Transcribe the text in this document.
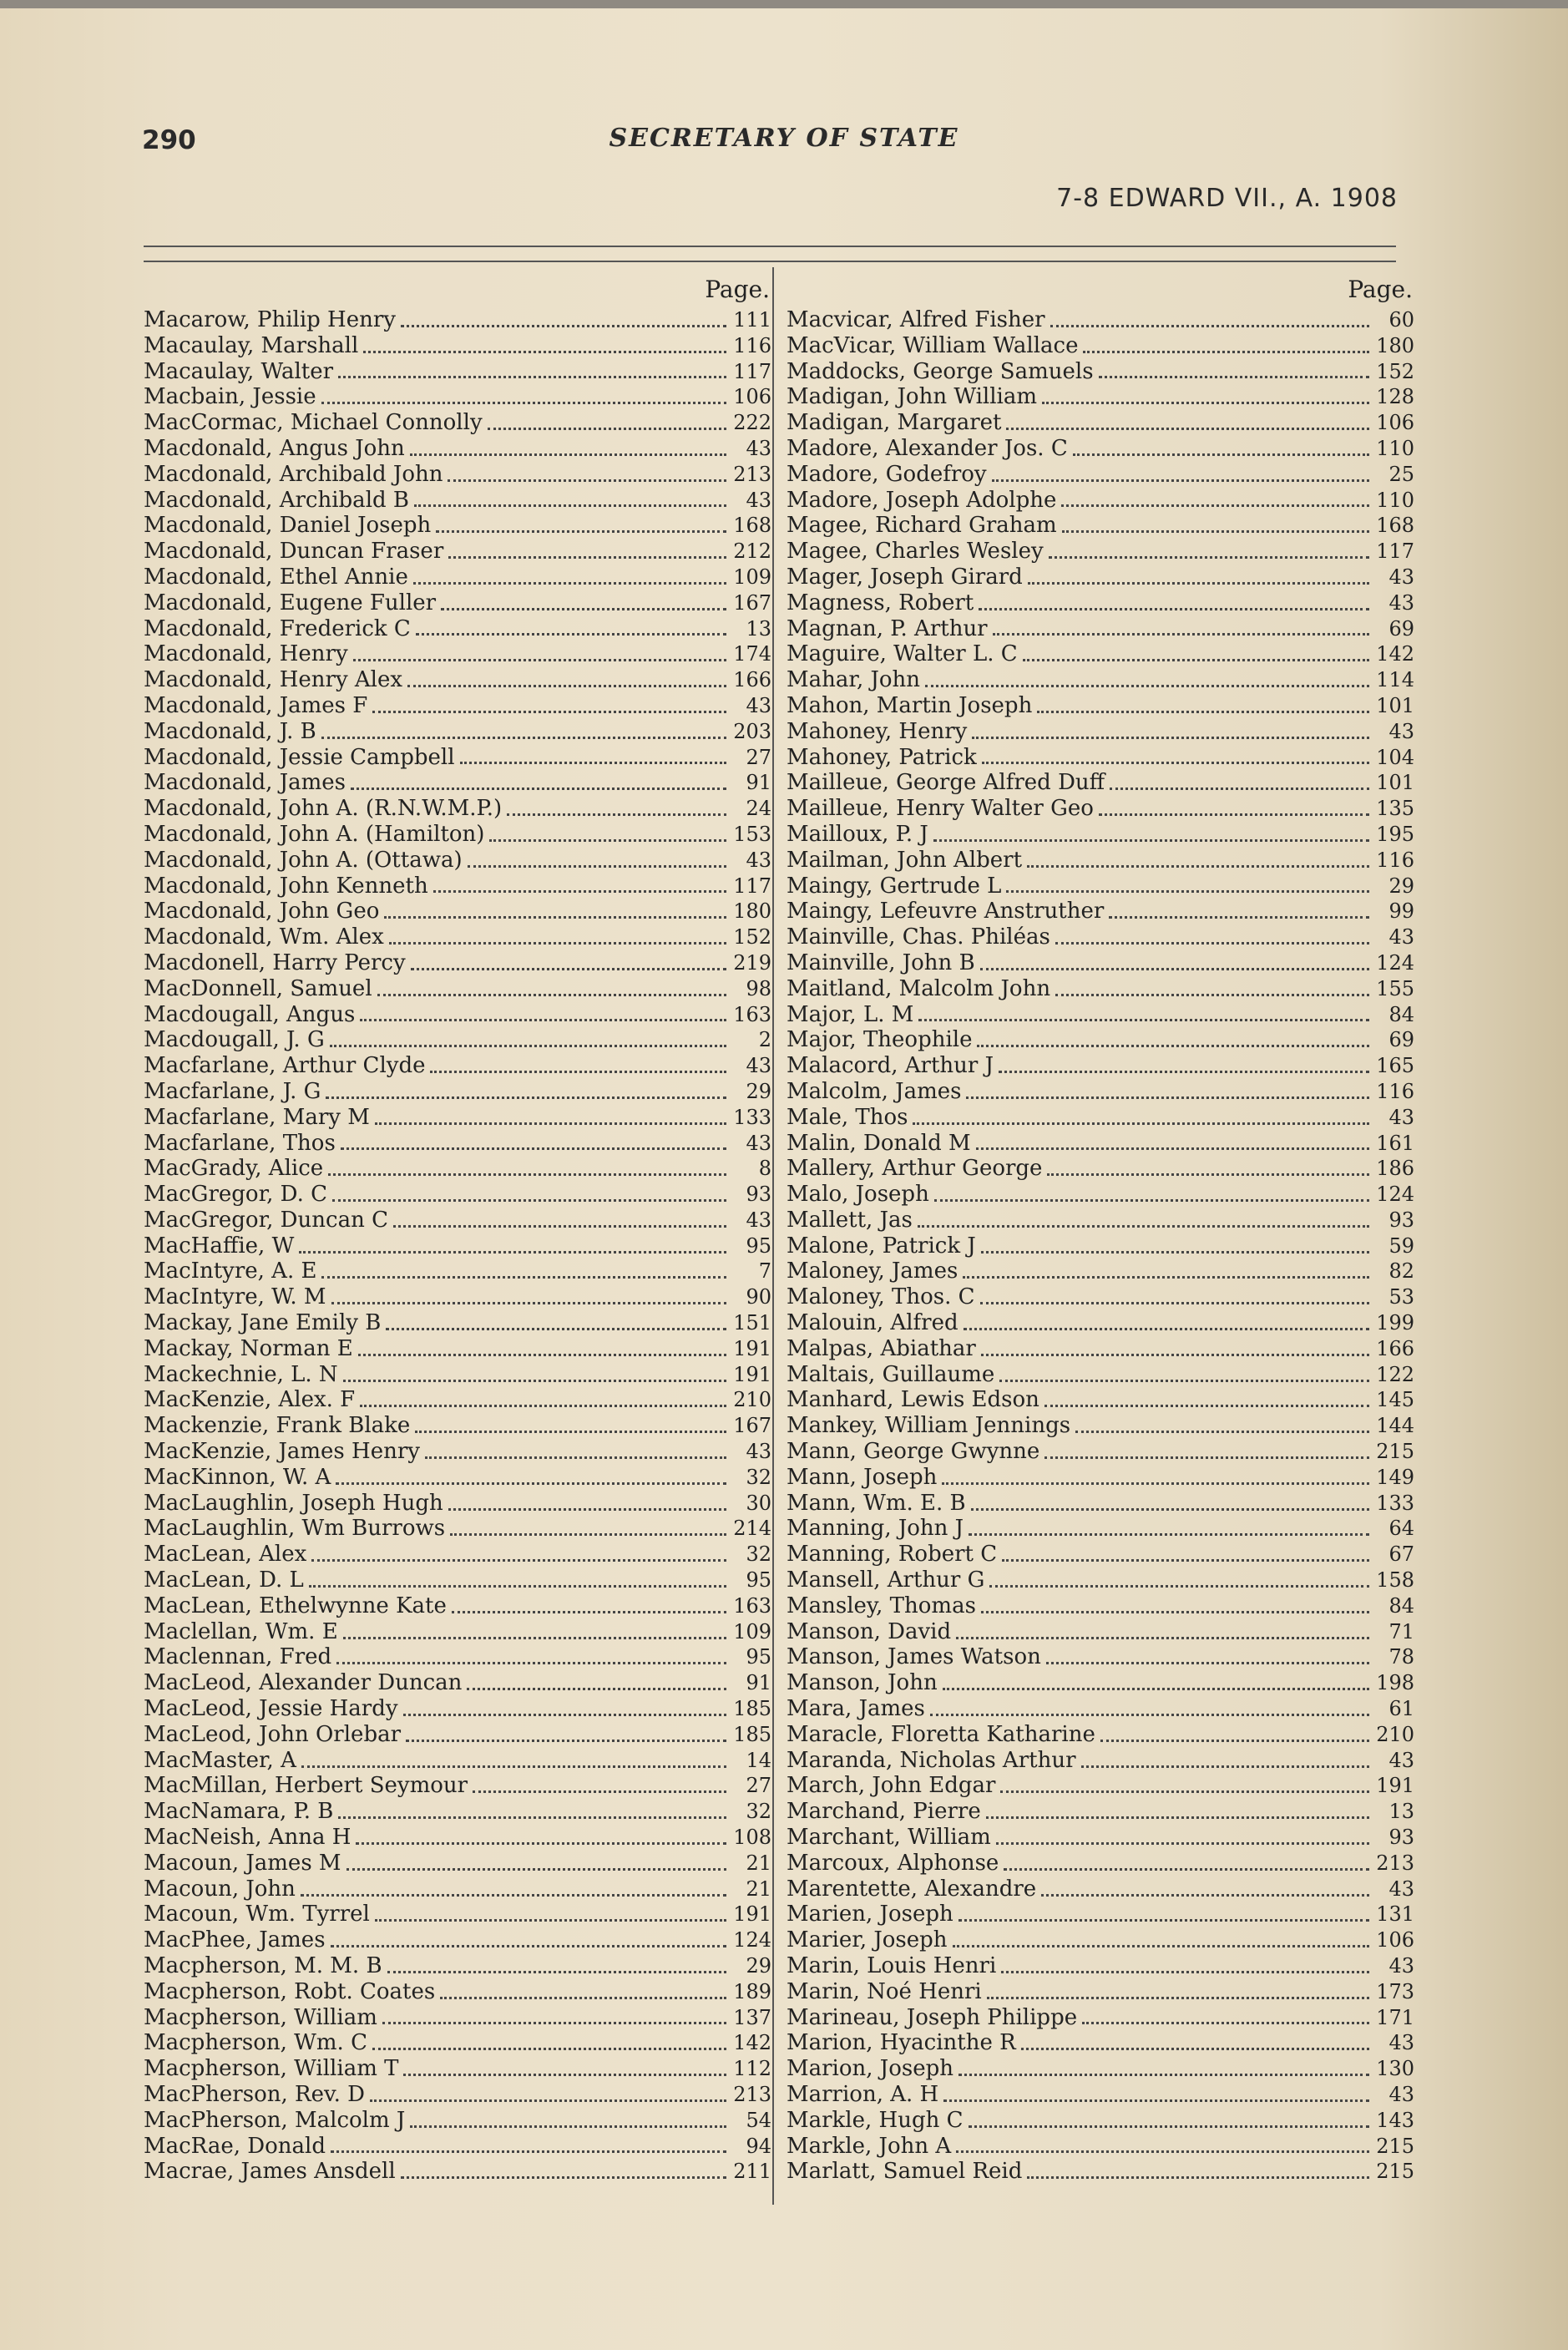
290	SECRETARY OF STATE
7-8 EDWARD VII., A. 1908
Page.
Macarow, Philip Henry	111
Macaulay, Marshall	116
Macaulay, Walter	117
Macbain, Jessie	106
MacCormac, Michael Connolly	222
Macdonald, Angus John	43
Macdonald, Archibald John	213
Macdonald, Archibald B	43
Macdonald, Daniel Joseph	168
Macdonald, Duncan Fraser	212
Macdonald, Ethel Annie	109
Macdonald, Eugene Fuller	167
Macdonald, Frederick C	13
Macdonald, Henry	174
Macdonald, Henry Alex	166
Macdonald, James F	43
Macdonald, J. B	203
Macdonald, Jessie Campbell	27
Macdonald, James	91
Macdonald, John A. (R.N.W.M.P.)	24
Macdonald, John A. (Hamilton)	153
Macdonald, John A. (Ottawa)	43
Macdonald, John Kenneth	117
Macdonald, John Geo	180
Macdonald, Wm. Alex	152
Macdonell, Harry Percy	219
MacDonnell, Samuel	98
Macdougall, Angus	163
Macdougall, J. G	2
Macfarlane, Arthur Clyde	43
Macfarlane, J. G	29
Macfarlane, Mary M	133
Macfarlane, Thos	43
MacGrady, Alice	8
MacGregor, D. C	93
MacGregor, Duncan C	43
MacHaffie, W	95
MacIntyre, A. E	7
MacIntyre, W. M	90
Mackay, Jane Emily B	151
Mackay, Norman E	191
Mackechnie, L. N	191
MacKenzie, Alex. F	210
Mackenzie, Frank Blake	167
MacKenzie, James Henry	43
MacKinnon, W. A	32
MacLaughlin, Joseph Hugh	30
MacLaughlin, Wm Burrows	214
MacLean, Alex	32
MacLean, D. L	95
MacLean, Ethelwynne Kate	163
Maclellan, Wm. E	109
Maclennan, Fred	95
MacLeod, Alexander Duncan	91
MacLeod, Jessie Hardy	185
MacLeod, John Orlebar	185
MacMaster, A	14
MacMillan, Herbert Seymour	27
MacNamara, P. B	32
MacNeish, Anna H	108
Macoun, James M	21
Macoun, John	21
Macoun, Wm. Tyrrel	191
MacPhee, James	124
Macpherson, M. M. B	29
Macpherson, Robt. Coates	189
Macpherson, William	137
Macpherson, Wm. C	142
Macpherson, William T	112
MacPherson, Rev. D	213
MacPherson, Malcolm J	54
MacRae, Donald	94
Macrae, James Ansdell	211
Page.
Macvicar, Alfred Fisher	60
MacVicar, William Wallace	180
Maddocks, George Samuels	152
Madigan, John William	128
Madigan, Margaret	106
Madore, Alexander Jos. C	110
Madore, Godefroy	25
Madore, Joseph Adolphe	110
Magee, Richard Graham	168
Magee, Charles Wesley	117
Mager, Joseph Girard	43
Magness, Robert	43
Magnan, P. Arthur	69
Maguire, Walter L. C	142
Mahar, John	114
Mahon, Martin Joseph	101
Mahoney, Henry	43
Mahoney, Patrick	104
Mailleue, George Alfred Duff	101
Mailleue, Henry Walter Geo	135
Mailloux, P. J	195
Mailman, John Albert	116
Maingy, Gertrude L	29
Maingy, Lefeuvre Anstruther	99
Mainville, Chas. Philéas	43
Mainville, John B	124
Maitland, Malcolm John	155
Major, L. M	84
Major, Theophile	69
Malacord, Arthur J	165
Malcolm, James	116
Male, Thos	43
Malin, Donald M	161
Mallery, Arthur George	186
Malo, Joseph	124
Mallett, Jas	93
Malone, Patrick J	59
Maloney, James	82
Maloney, Thos. C	53
Malouin, Alfred	199
Malpas, Abiathar	166
Maltais, Guillaume	122
Manhard, Lewis Edson	145
Mankey, William Jennings	144
Mann, George Gwynne	215
Mann, Joseph	149
Mann, Wm. E. B	133
Manning, John J	64
Manning, Robert C	67
Mansell, Arthur G	158
Mansley, Thomas	84
Manson, David	71
Manson, James Watson	78
Manson, John	198
Mara, James	61
Maracle, Floretta Katharine	210
Maranda, Nicholas Arthur	43
March, John Edgar	191
Marchand, Pierre	13
Marchant, William	93
Marcoux, Alphonse	213
Marentette, Alexandre	43
Marien, Joseph	131
Marier, Joseph	106
Marin, Louis Henri	43
Marin, Noé Henri	173
Marineau, Joseph Philippe	171
Marion, Hyacinthe R	43
Marion, Joseph	130
Marrion, A. H	43
Markle, Hugh C	143
Markle, John A	215
Marlatt, Samuel Reid	215
